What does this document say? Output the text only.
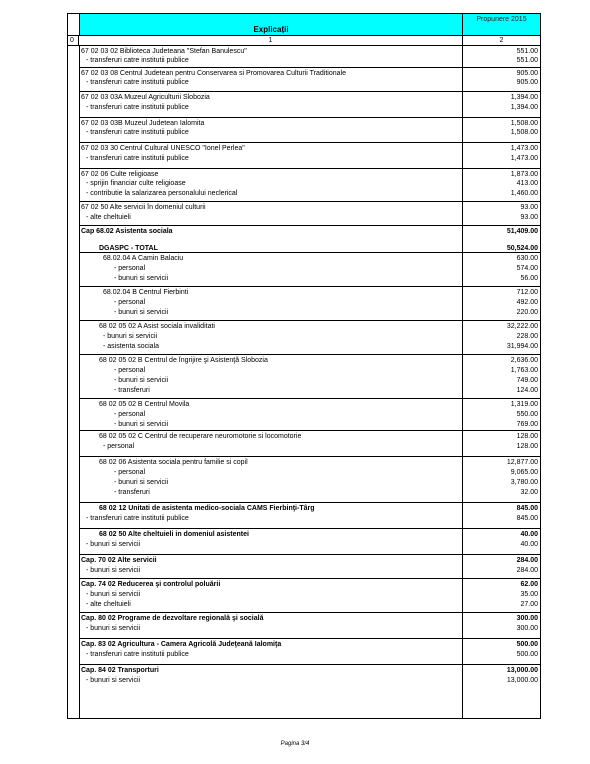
Explicații
Propunere 2015
0	1	2
67 02 03 02 Biblioteca Judeteana "Stefan Banulescu"	551.00
- transferuri catre institutii publice	551.00
67 02 03 08 Centrul Judetean pentru Conservarea si Promovarea Culturii Traditionale	905.00
- transferuri catre institutii publice	905.00
67 02 03 03A Muzeul Agriculturii Slobozia	1,394.00
- transferuri catre institutii publice	1,394.00
67 02 03 03B Muzeul Judetean Ialomita	1,508.00
- transferuri catre institutii publice	1,508.00
67 02 03 30 Centrul Cultural UNESCO "Ionel Perlea"	1,473.00
- transferuri catre institutii publice	1,473.00
67 02 06 Culte religioase	1,873.00
- sprijin financiar culte religioase	413.00
- contributie la salarizarea personalului neclerical	1,460.00
67 02 50 Alte servicii în domeniul culturii	93.00
- alte cheltuieli	93.00
Cap 68.02 Asistenta sociala	51,409.00
DGASPC - TOTAL	50,524.00
68.02.04 A Camin Balaciu	630.00
- personal	574.00
- bunuri si servicii	56.00
68.02.04 B Centrul Fierbinti	712.00
- personal	492.00
- bunuri si servicii	220.00
68 02 05 02 A Asist sociala invaliditati	32,222.00
- bunuri si servicii	228.00
- asistenta sociala	31,994.00
68 02 05 02 B Centrul de Îngrijire şi Asistenţă Slobozia	2,636.00
- personal	1,763.00
- bunuri si servicii	749.00
- transferuri	124.00
68 02 05 02 B Centrul Movila	1,319.00
- personal	550.00
- bunuri si servicii	769.00
68 02 05 02 C Centrul de recuperare neuromotorie si locomotorie	128.00
- personal	128.00
68 02 06 Asistenta sociala pentru familie si copil	12,877.00
- personal	9,065.00
- bunuri si servicii	3,780.00
- transferuri	32.00
68 02 12 Unitati de asistenta medico-sociala CAMS Fierbinţi-Târg	845.00
- transferuri catre institutii publice	845.00
68 02 50 Alte cheltuieli in domeniul asistentei	40.00
- bunuri si servicii	40.00
Cap. 70 02 Alte servicii	284.00
- bunuri si servicii	284.00
Cap. 74 02 Reducerea şi controlul poluării	62.00
- bunuri si servicii	35.00
- alte cheltuieli	27.00
Cap. 80 02 Programe de dezvoltare regională şi socială	300.00
- bunuri si servicii	300.00
Cap. 83 02 Agricultura - Camera Agricolă Judeţeană Ialomiţa	500.00
- transferuri catre institutii publice	500.00
Cap. 84 02 Transporturi	13,000.00
- bunuri si servicii	13,000.00
Pagina 3/4
